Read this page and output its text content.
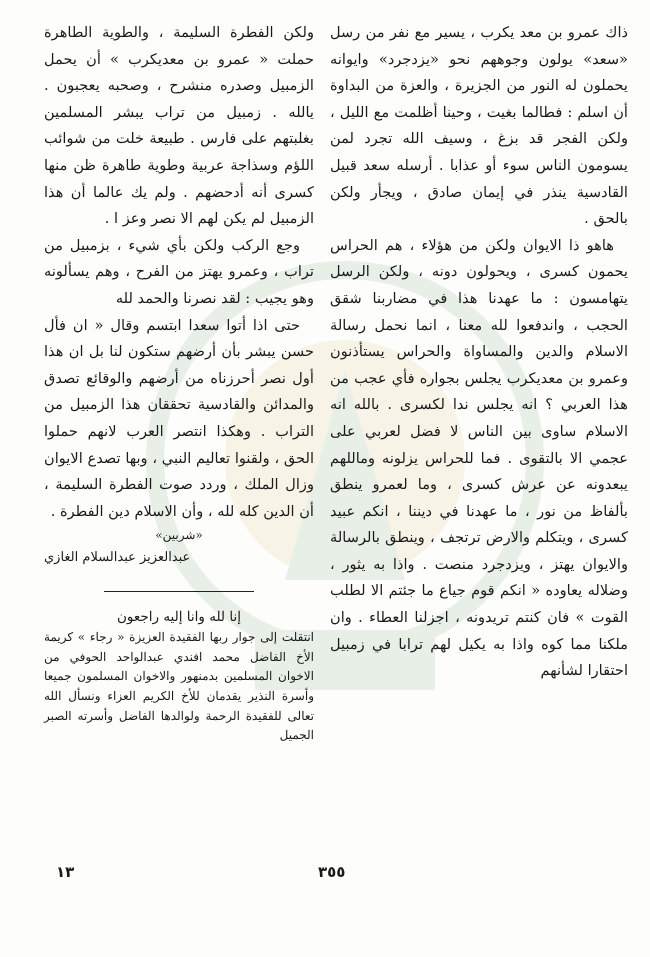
ذاك عمرو بن معد يكرب ، يسير مع نفر من رسل «سعد» يولون وجوههم نحو «يزدجرد» وايوانه يحملون له النور من الجزيرة ، والعزة من البداوة أن اسلم : فطالما بغيت ، وحينا أظلمت مع الليل ، ولكن الفجر قد بزغ ، وسيف الله تجرد لمن يسومون الناس سوء أو عذابا . أرسله سعد قبيل القادسية ينذر في إيمان صادق ، ويجأر ولكن بالحق .

هاهو ذا الايوان ولكن من هؤلاء ، هم الحراس يحمون كسرى ، ويحولون دونه ، ولكن الرسل يتهامسون : ما عهدنا هذا في مضاربنا شقق الحجب ، واندفعوا لله معنا ، انما نحمل رسالة الاسلام والدين والمساواة والحراس يستأذنون وعمرو بن معديكرب يجلس بجواره فأي عجب من هذا العربي ؟ انه يجلس ندا لكسرى . بالله انه الاسلام ساوى بين الناس لا فضل لعربي على عجمي الا بالتقوى . فما للحراس يزلونه وماللهم يبعدونه عن عرش كسرى ، وما لعمرو ينطق بألفاظ من نور ، ما عهدنا في ديننا ، انكم عبيد كسرى ، ويتكلم والارض ترتجف ، وينطق بالرسالة والايوان يهتز ، ويزدجرد منصت . واذا به يثور ، وضلاله يعاوده « انكم قوم جياع ما جئتم الا لطلب القوت » فان كنتم تريدونه ، اجزلنا العطاء . وان ملكنا مما كوه واذا به يكيل لهم ترابا في زمبيل احتقارا لشأنهم

ولكن الفطرة السليمة ، والطوية الطاهرة حملت « عمرو بن معديكرب » أن يحمل الزمبيل وصدره منشرح ، وصحبه يعجبون . يالله . زمبيل من تراب يبشر المسلمين بغلبتهم على فارس . طبيعة خلت من شوائب اللؤم وسذاجة عربية وطوية طاهرة ظن منها كسرى أنه أدحضهم . ولم يك عالما أن هذا الزمبيل لم يكن لهم الا نصر وعز ا .

وجع الركب ولكن بأي شيء ، بزمبيل من تراب ، وعمرو يهتز من الفرح ، وهم يسألونه وهو يجيب : لقد نصرنا والحمد لله

حتى اذا أتوا سعدا ابتسم وقال « ان فأل حسن يبشر بأن أرضهم ستكون لنا بل ان هذا أول نصر أحرزناه من أرضهم والوقائع تصدق والمدائن والقادسية تحققان هذا الزمبيل من التراب . وهكذا انتصر العرب لانهم حملوا الحق ، ولقنوا تعاليم النبي ، وبها تصدع الايوان وزال الملك ، وردد صوت الفطرة السليمة ، أن الدين كله لله ، وأن الاسلام دين الفطرة .

«شربين»
عبدالعزيز عبدالسلام الغازي
إنا لله وانا إليه راجعون

انتقلت إلى جوار ربها الفقيدة العزيزة « رجاء » كريمة الأخ الفاضل محمد افندي عبدالواحد الحوفي من الاخوان المسلمين بدمنهور والاخوان المسلمون جميعا وأسرة النذير يقدمان للأخ الكريم العزاء ونسأل الله تعالى للفقيدة الرحمة ولوالدها الفاضل وأسرته الصبر الجميل

١٣	٣٥٥
